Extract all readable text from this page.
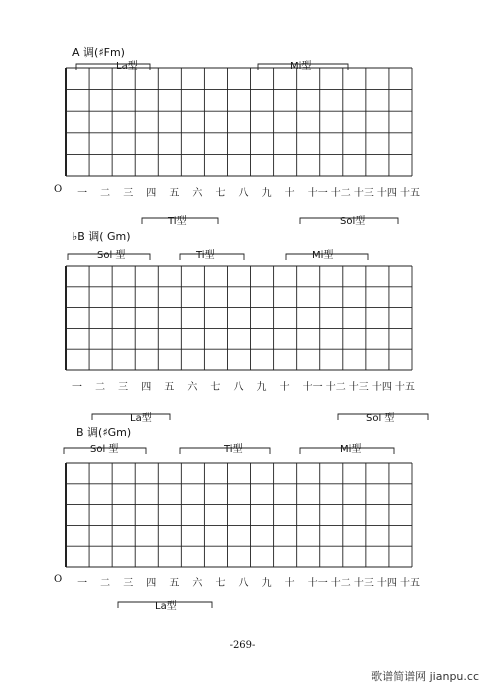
A 调(♯Fm)
La型	Mi型
Ti型	Sol型
♭B 调( Gm)
Sol 型	Ti型	Mi型
La型	Sol 型
B 调(♯Gm)
Sol 型	Ti型	Mi型
La型
O 一 二 三 四 五 六 七 八 九 十 十一 十二 十三 十四 十五
一 二 三 四 五 六 七 八 九 十 十一 十二 十三 十四 十五
O 一 二 三 四 五 六 七 八 九 十 十一 十二 十三 十四 十五
-269-
歌谱简谱网 jianpu.cc
